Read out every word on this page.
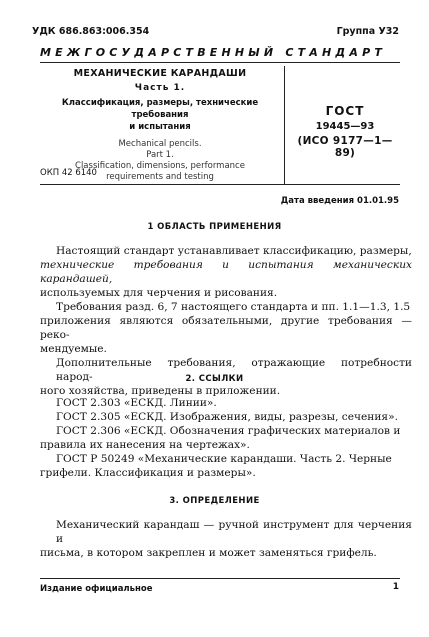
УДК 686.863:006.354	Группа У32
МЕЖГОСУДАРСТВЕННЫЙ СТАНДАРТ
МЕХАНИЧЕСКИЕ КАРАНДАШИ
Часть 1.
Классификация, размеры, технические требования
и испытания
Mechanical pencils.
Part 1.
Classification, dimensions, performance
requirements and testing
ОКП 42 6140
ГОСТ
19445—93
(ИСО 9177—1—89)
Дата введения 01.01.95
1 ОБЛАСТЬ ПРИМЕНЕНИЯ
Настоящий стандарт устанавливает классификацию, размеры,
технические требования и испытания механических карандашей,
используемых для черчения и рисования.
Требования разд. 6, 7 настоящего стандарта и пп. 1.1—1.3, 1.5
приложения являются обязательными, другие требования — реко-
мендуемые.
Дополнительные требования, отражающие потребности народ-
ного хозяйства, приведены в приложении.
2. ССЫЛКИ
ГОСТ 2.303 «ЕСКД. Линии».
ГОСТ 2.305 «ЕСКД. Изображения, виды, разрезы, сечения».
ГОСТ 2.306 «ЕСКД. Обозначения графических материалов и
правила их нанесения на чертежах».
ГОСТ Р 50249 «Механические карандаши. Часть 2. Черные
грифели. Классификация и размеры».
3. ОПРЕДЕЛЕНИЕ
Механический карандаш — ручной инструмент для черчения и
письма, в котором закреплен и может заменяться грифель.
Издание официальное	1
